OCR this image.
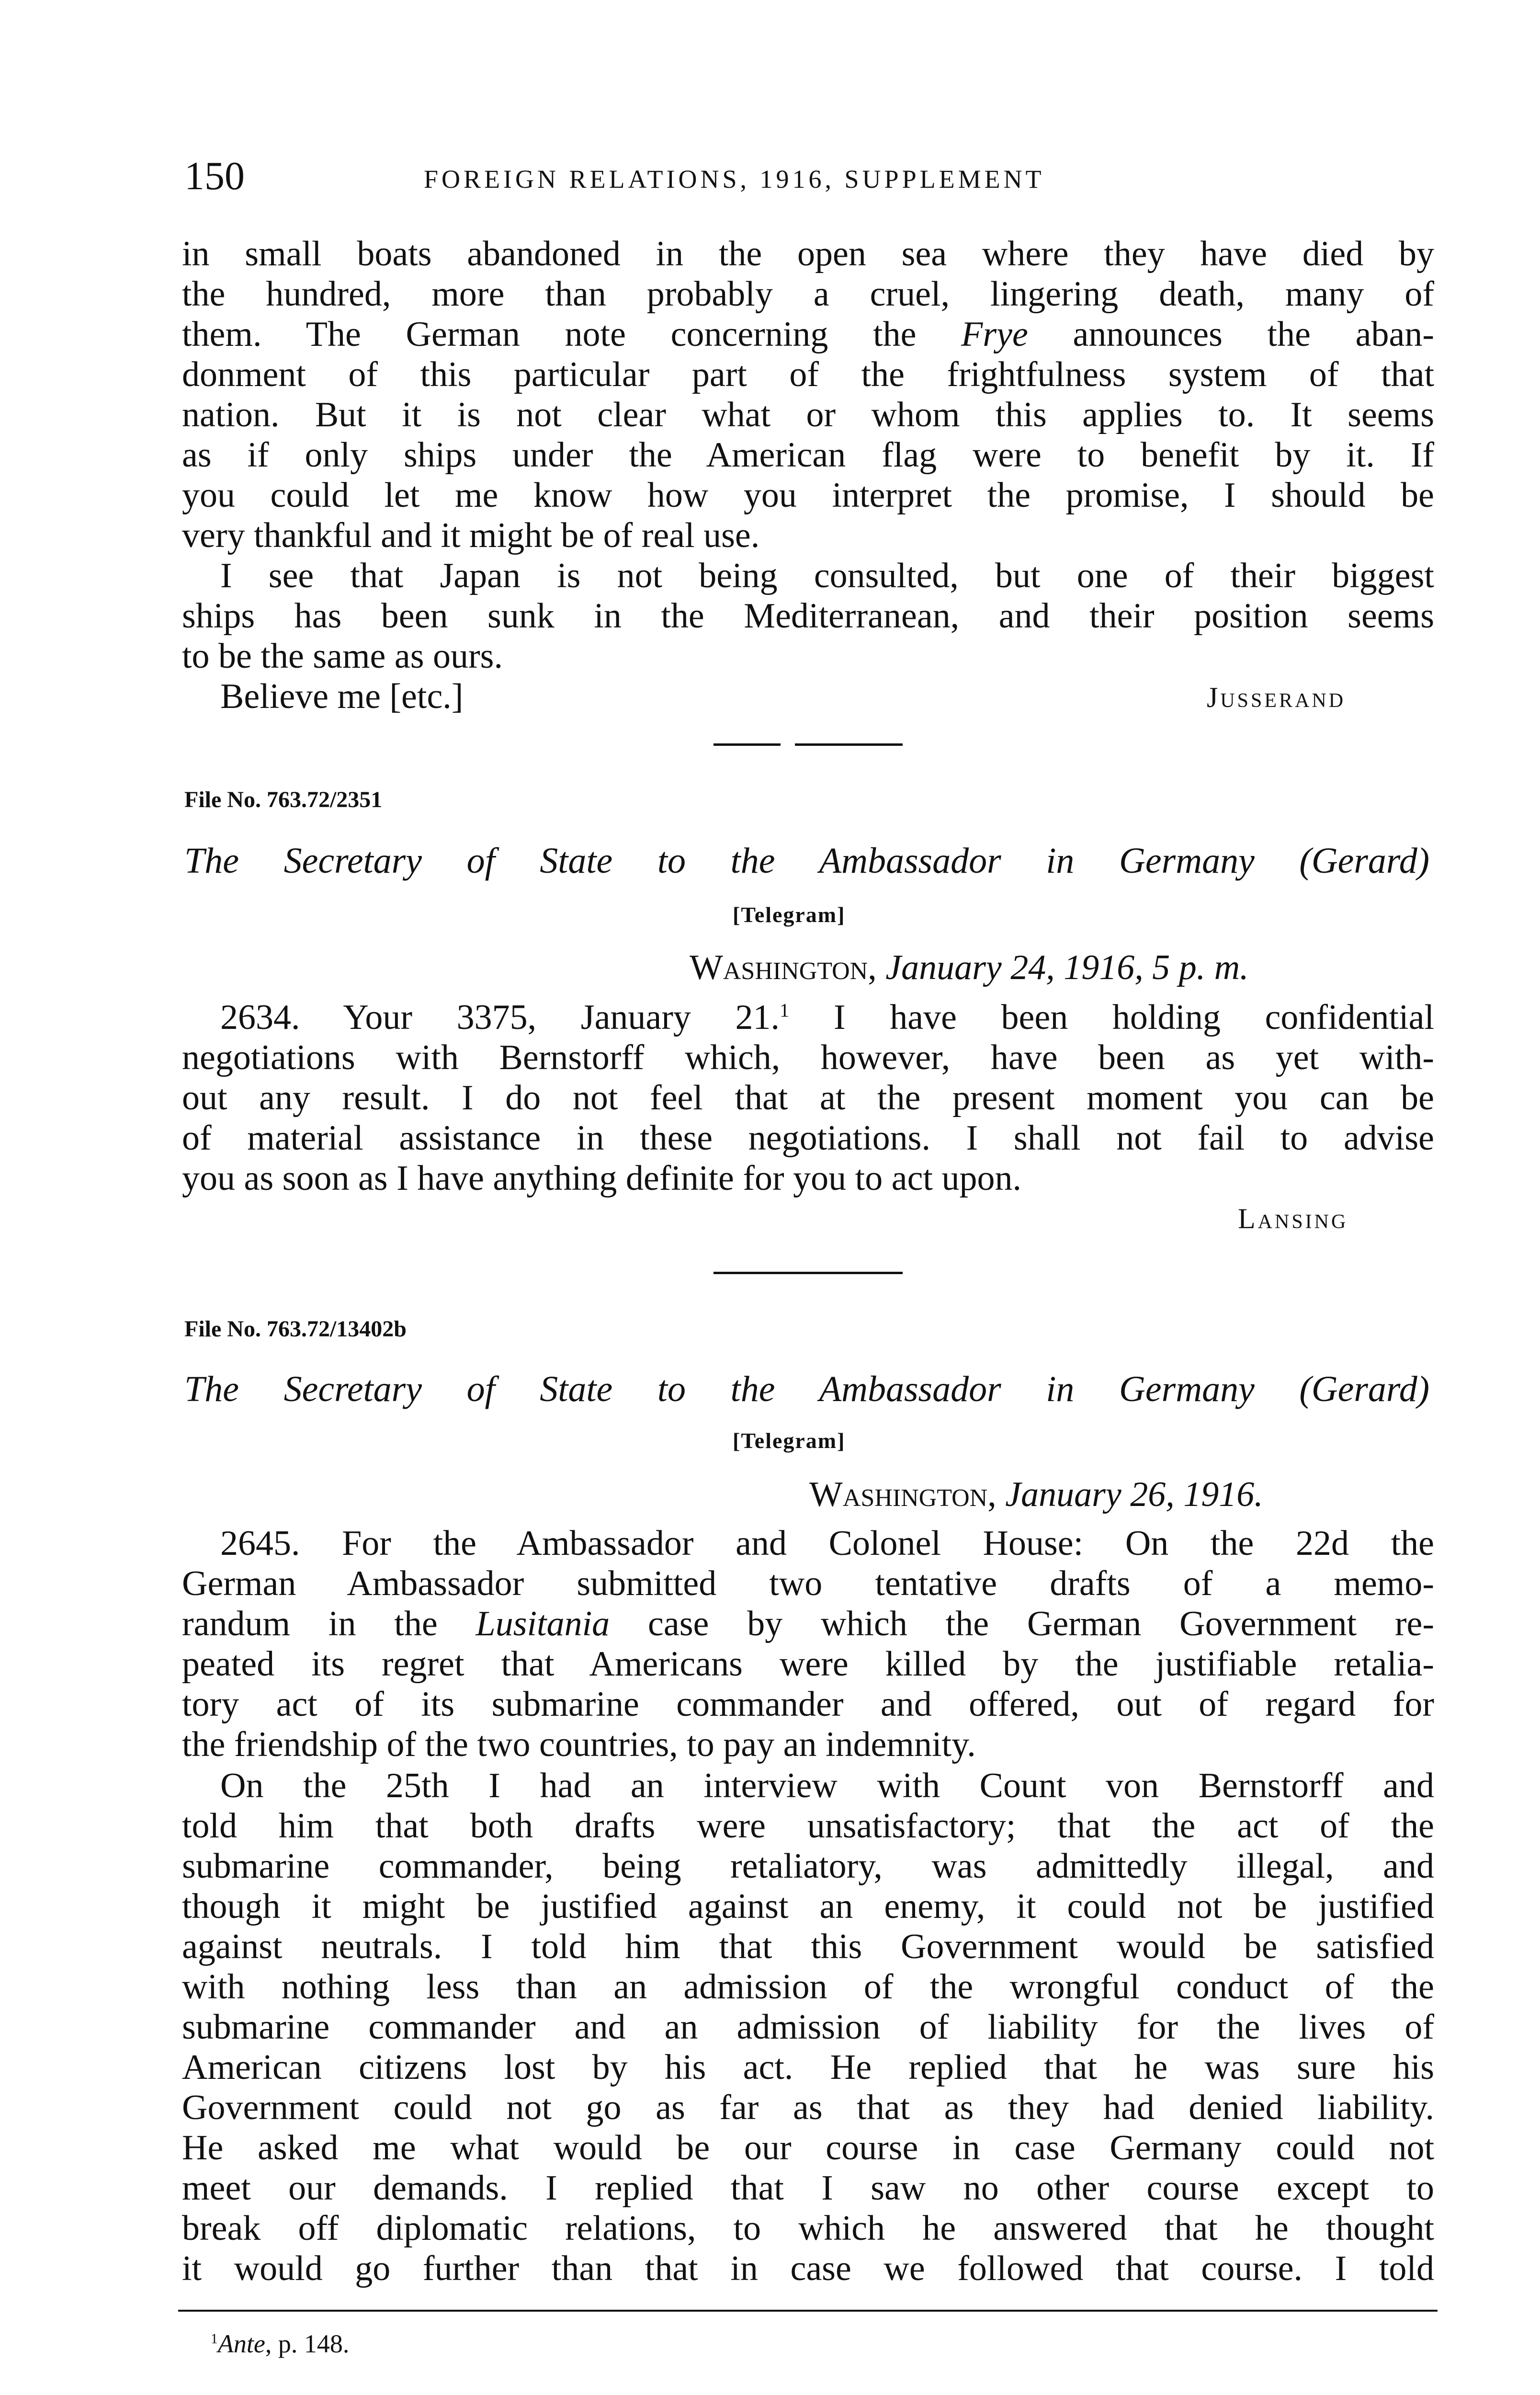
150	FOREIGN RELATIONS, 1916, SUPPLEMENT
in small boats abandoned in the open sea where they have died by
the hundred, more than probably a cruel, lingering death, many of
them. The German note concerning the Frye announces the aban-
donment of this particular part of the frightfulness system of that
nation. But it is not clear what or whom this applies to. It seems
as if only ships under the American flag were to benefit by it. If
you could let me know how you interpret the promise, I should be
very thankful and it might be of real use.
I see that Japan is not being consulted, but one of their biggest
ships has been sunk in the Mediterranean, and their position seems
to be the same as ours.
Believe me [etc.]	Jusserand
File No. 763.72/2351
The Secretary of State to the Ambassador in Germany (Gerard)
[Telegram]
Washington, January 24, 1916, 5 p. m.
2634. Your 3375, January 21.$^1$ I have been holding confidential
negotiations with Bernstorff which, however, have been as yet with-
out any result. I do not feel that at the present moment you can be
of material assistance in these negotiations. I shall not fail to advise
you as soon as I have anything definite for you to act upon.
Lansing
File No. 763.72/13402b
The Secretary of State to the Ambassador in Germany (Gerard)
[Telegram]
Washington, January 26, 1916.
2645. For the Ambassador and Colonel House: On the 22d the
German Ambassador submitted two tentative drafts of a memo-
randum in the Lusitania case by which the German Government re-
peated its regret that Americans were killed by the justifiable retalia-
tory act of its submarine commander and offered, out of regard for
the friendship of the two countries, to pay an indemnity.
On the 25th I had an interview with Count von Bernstorff and
told him that both drafts were unsatisfactory; that the act of the
submarine commander, being retaliatory, was admittedly illegal, and
though it might be justified against an enemy, it could not be justified
against neutrals. I told him that this Government would be satisfied
with nothing less than an admission of the wrongful conduct of the
submarine commander and an admission of liability for the lives of
American citizens lost by his act. He replied that he was sure his
Government could not go as far as that as they had denied liability.
He asked me what would be our course in case Germany could not
meet our demands. I replied that I saw no other course except to
break off diplomatic relations, to which he answered that he thought
it would go further than that in case we followed that course. I told
$^1$Ante, p. 148.
